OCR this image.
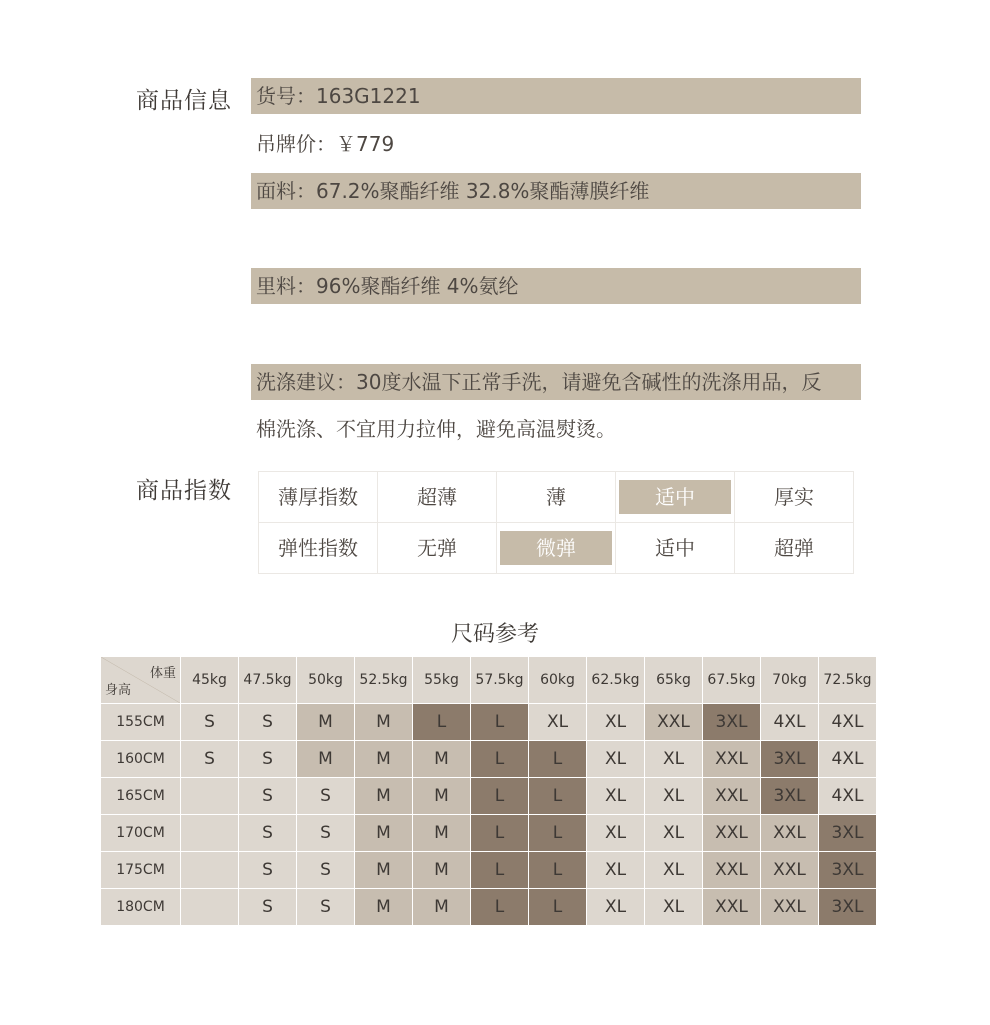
商品信息 货号：163G1221
吊牌价：￥779
面料：67.2%聚酯纤维 32.8%聚酯薄膜纤维
里料：96%聚酯纤维 4%氨纶
洗涤建议：30度水温下正常手洗，请避免含碱性的洗涤用品，反
棉洗涤、不宜用力拉伸，避免高温熨烫。
商品指数 薄厚指数	超薄	薄	适中	厚实
弹性指数	无弹	微弹	适中	超弹
尺码参考
体重
身高	45kg	47.5kg	50kg	52.5kg	55kg	57.5kg	60kg	62.5kg	65kg	67.5kg	70kg	72.5kg
155CM	S	S	M	M	L	L	XL	XL	XXL	3XL	4XL	4XL
160CM	S	S	M	M	M	L	L	XL	XL	XXL	3XL	4XL
165CM		S	S	M	M	L	L	XL	XL	XXL	3XL	4XL
170CM		S	S	M	M	L	L	XL	XL	XXL	XXL	3XL
175CM		S	S	M	M	L	L	XL	XL	XXL	XXL	3XL
180CM		S	S	M	M	L	L	XL	XL	XXL	XXL	3XL
